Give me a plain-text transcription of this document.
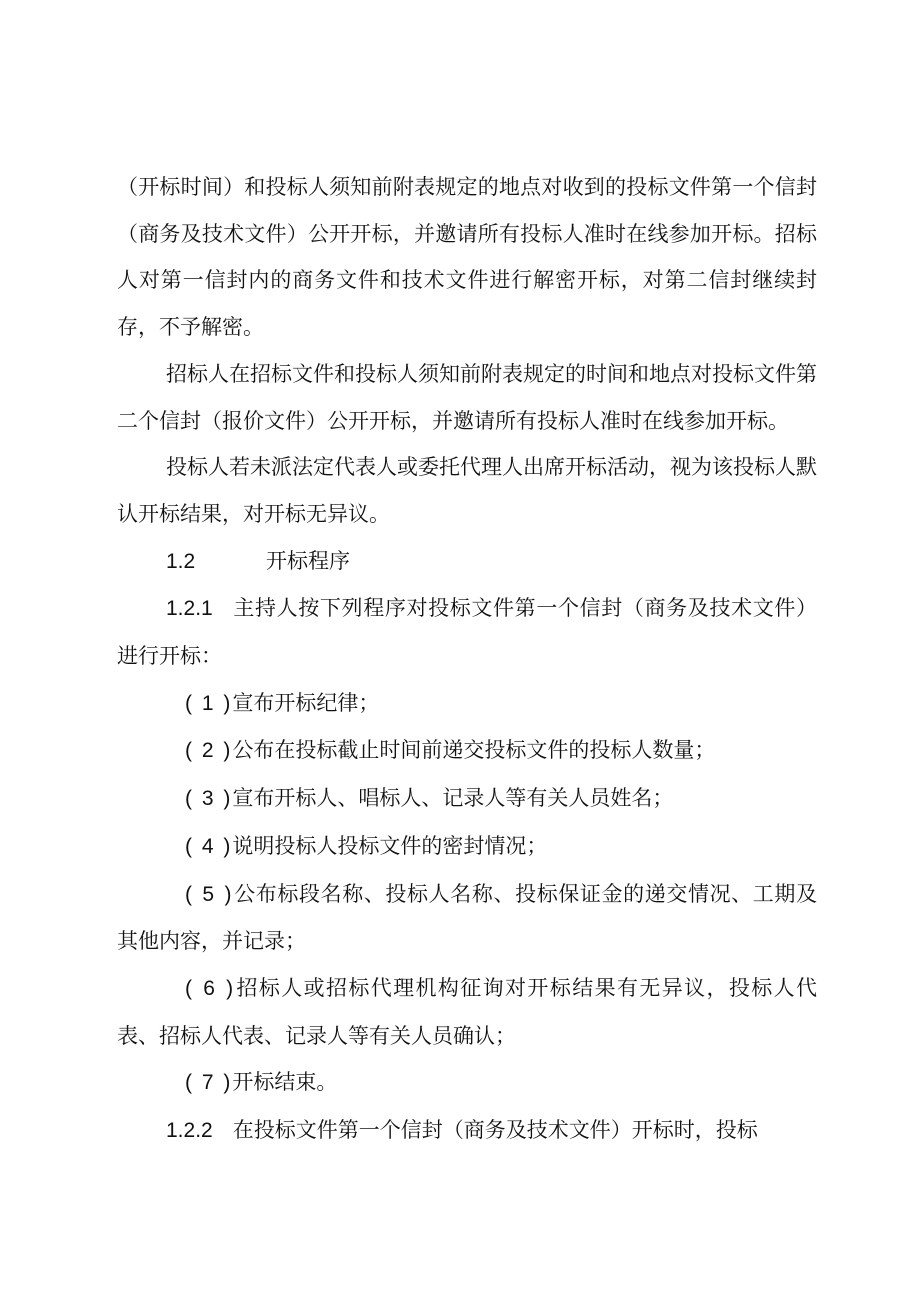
（开标时间）和投标人须知前附表规定的地点对收到的投标文件第一个信封（商务及技术文件）公开开标，并邀请所有投标人准时在线参加开标。招标人对第一信封内的商务文件和技术文件进行解密开标，对第二信封继续封存，不予解密。

招标人在招标文件和投标人须知前附表规定的时间和地点对投标文件第二个信封（报价文件）公开开标，并邀请所有投标人准时在线参加开标。

投标人若未派法定代表人或委托代理人出席开标活动，视为该投标人默认开标结果，对开标无异议。

1.2	开标程序

1.2.1 主持人按下列程序对投标文件第一个信封（商务及技术文件）进行开标：

( 1 )宣布开标纪律；

( 2 )公布在投标截止时间前递交投标文件的投标人数量；

( 3 )宣布开标人、唱标人、记录人等有关人员姓名；

( 4 )说明投标人投标文件的密封情况；

( 5 )公布标段名称、投标人名称、投标保证金的递交情况、工期及其他内容，并记录；

( 6 )招标人或招标代理机构征询对开标结果有无异议，投标人代表、招标人代表、记录人等有关人员确认；

( 7 )开标结束。

1.2.2 在投标文件第一个信封（商务及技术文件）开标时，投标
